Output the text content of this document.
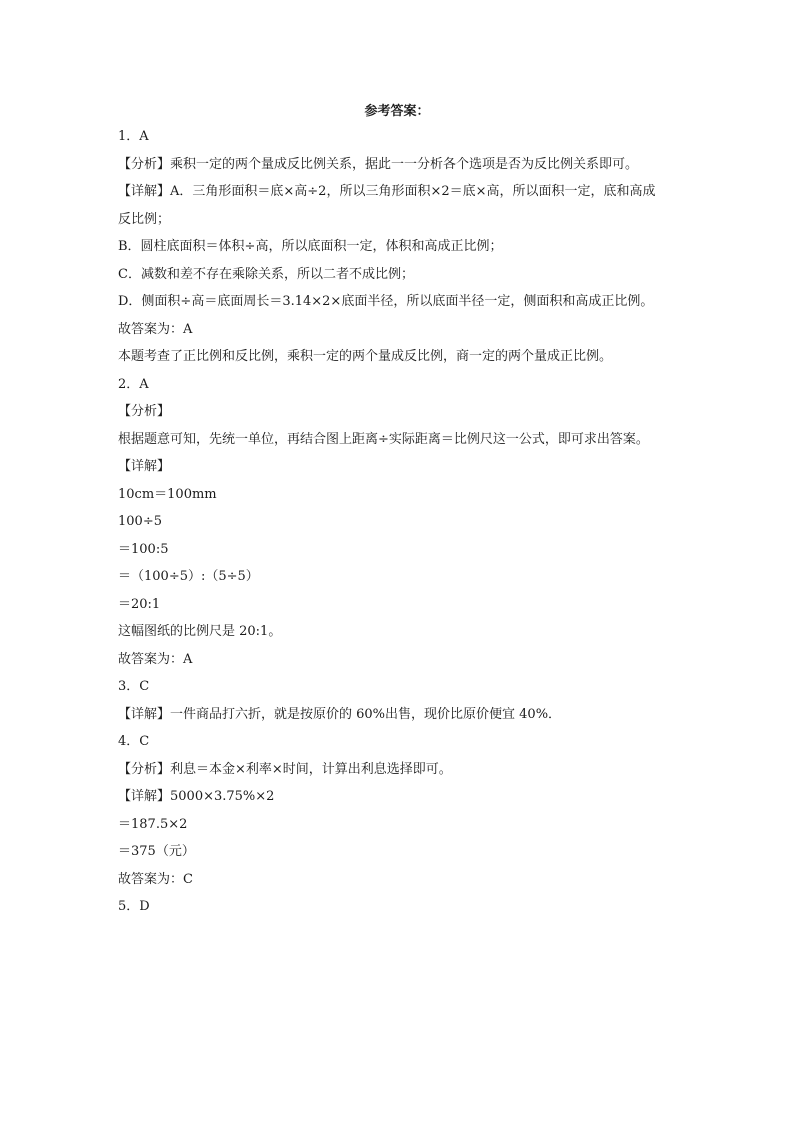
参考答案：
1．A
【分析】乘积一定的两个量成反比例关系，据此一一分析各个选项是否为反比例关系即可。
【详解】A．三角形面积＝底×高÷2，所以三角形面积×2＝底×高，所以面积一定，底和高成
反比例；
B．圆柱底面积＝体积÷高，所以底面积一定，体积和高成正比例；
C．减数和差不存在乘除关系，所以二者不成比例；
D．侧面积÷高＝底面周长＝3.14×2×底面半径，所以底面半径一定，侧面积和高成正比例。
故答案为：A
本题考查了正比例和反比例，乘积一定的两个量成反比例，商一定的两个量成正比例。
2．A
【分析】
根据题意可知，先统一单位，再结合图上距离÷实际距离＝比例尺这一公式，即可求出答案。
【详解】
10cm＝100mm
100÷5
＝100:5
＝（100÷5）:（5÷5）
＝20:1
这幅图纸的比例尺是 20:1。
故答案为：A
3．C
【详解】一件商品打六折，就是按原价的 60%出售，现价比原价便宜 40%．
4．C
【分析】利息＝本金×利率×时间，计算出利息选择即可。
【详解】5000×3.75%×2
＝187.5×2
＝375（元）
故答案为：C
5．D
